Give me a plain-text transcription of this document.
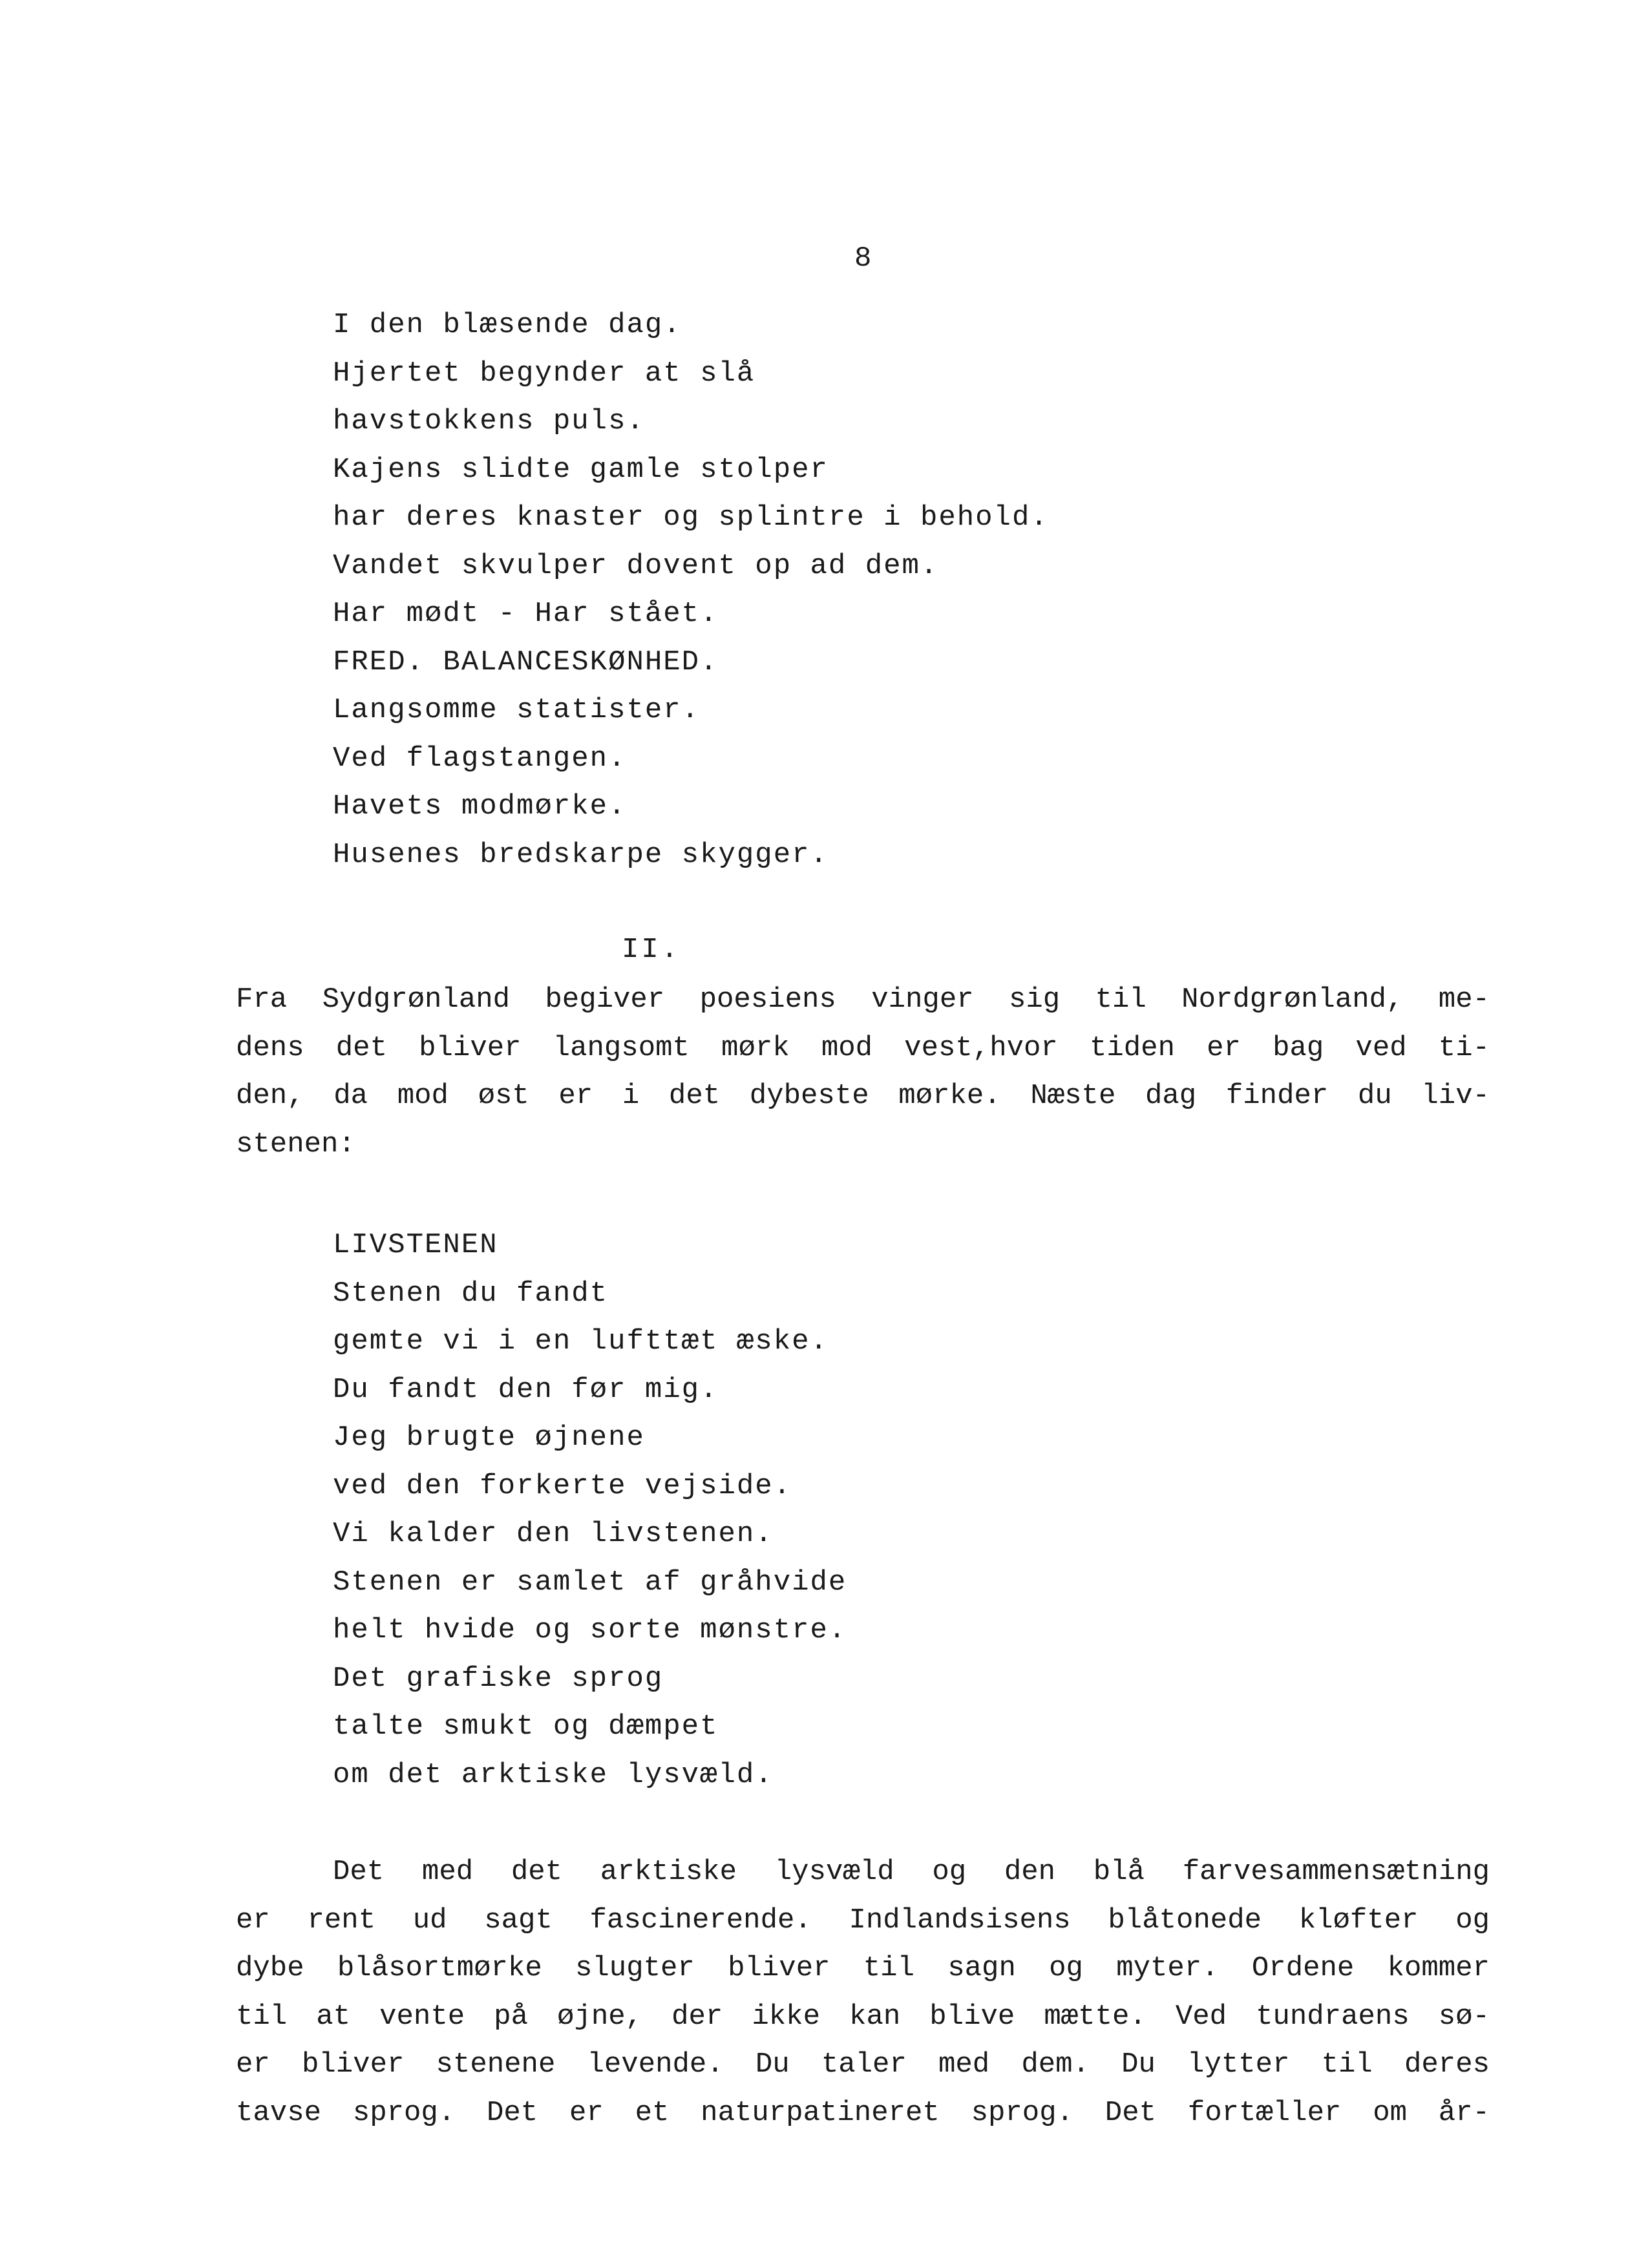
8
I den blæsende dag.
Hjertet begynder at slå
havstokkens puls.
Kajens slidte gamle stolper
har deres knaster og splintre i behold.
Vandet skvulper dovent op ad dem.
Har mødt - Har stået.
FRED. BALANCESKØNHED.
Langsomme statister.
Ved flagstangen.
Havets modmørke.
Husenes bredskarpe skygger.
II.
Fra Sydgrønland begiver poesiens vinger sig til Nordgrønland, me-
dens det bliver langsomt mørk mod vest,hvor tiden er bag ved ti-
den, da mod øst er i det dybeste mørke. Næste dag finder du liv-
stenen:
LIVSTENEN
Stenen du fandt
gemte vi i en lufttæt æske.
Du fandt den før mig.
Jeg brugte øjnene
ved den forkerte vejside.
Vi kalder den livstenen.
Stenen er samlet af gråhvide
helt hvide og sorte mønstre.
Det grafiske sprog
talte smukt og dæmpet
om det arktiske lysvæld.
Det med det arktiske lysvæld og den blå farvesammensætning
er rent ud sagt fascinerende. Indlandsisens blåtonede kløfter og
dybe blåsortmørke slugter bliver til sagn og myter. Ordene kommer
til at vente på øjne, der ikke kan blive mætte. Ved tundraens sø-
er bliver stenene levende. Du taler med dem. Du lytter til deres
tavse sprog. Det er et naturpatineret sprog. Det fortæller om år-
